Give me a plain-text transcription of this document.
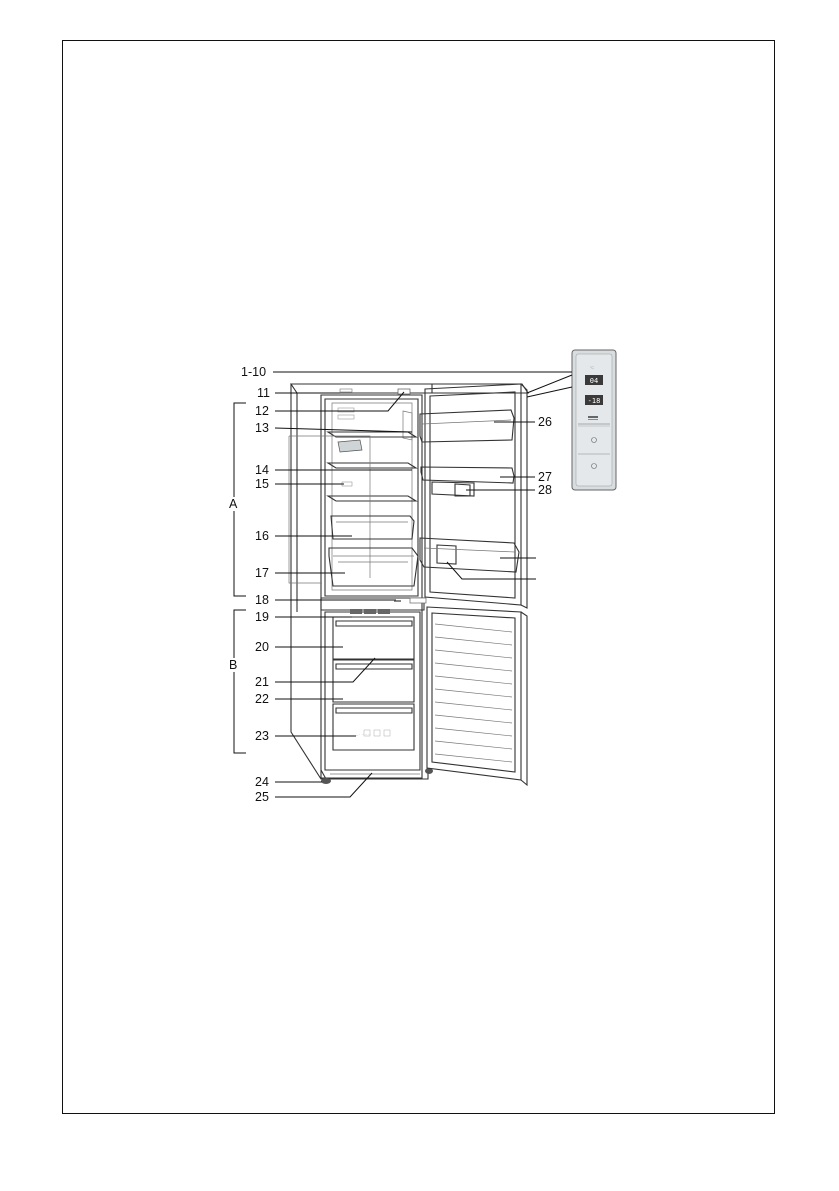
-- · ·· ·· ··
°C
04
-18
1-10
11
12
13
14
15
16
17
18
19
20
21
22
23
24
25
26
27
28
A
B
